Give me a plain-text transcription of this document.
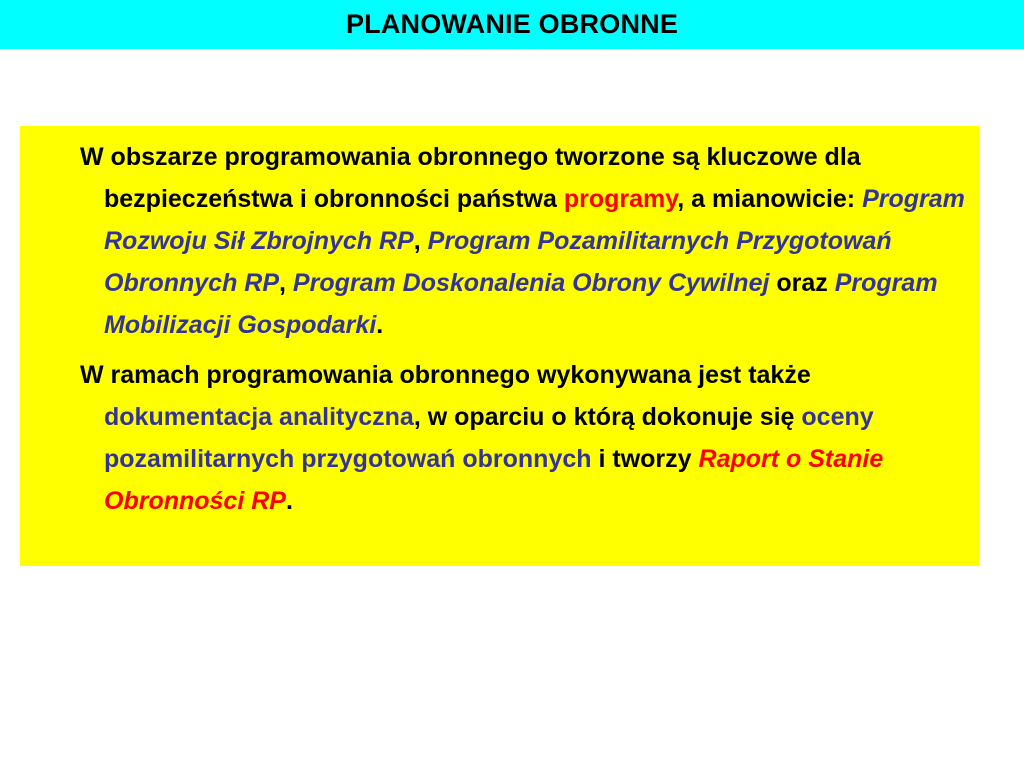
PLANOWANIE OBRONNE

W obszarze programowania obronnego tworzone są kluczowe dla bezpieczeństwa i obronności państwa programy, a mianowicie: Program Rozwoju Sił Zbrojnych RP, Program Pozamilitarnych Przygotowań Obronnych RP, Program Doskonalenia Obrony Cywilnej oraz Program Mobilizacji Gospodarki.

W ramach programowania obronnego wykonywana jest także dokumentacja analityczna, w oparciu o którą dokonuje się oceny pozamilitarnych przygotowań obronnych i tworzy Raport o Stanie Obronności RP.
